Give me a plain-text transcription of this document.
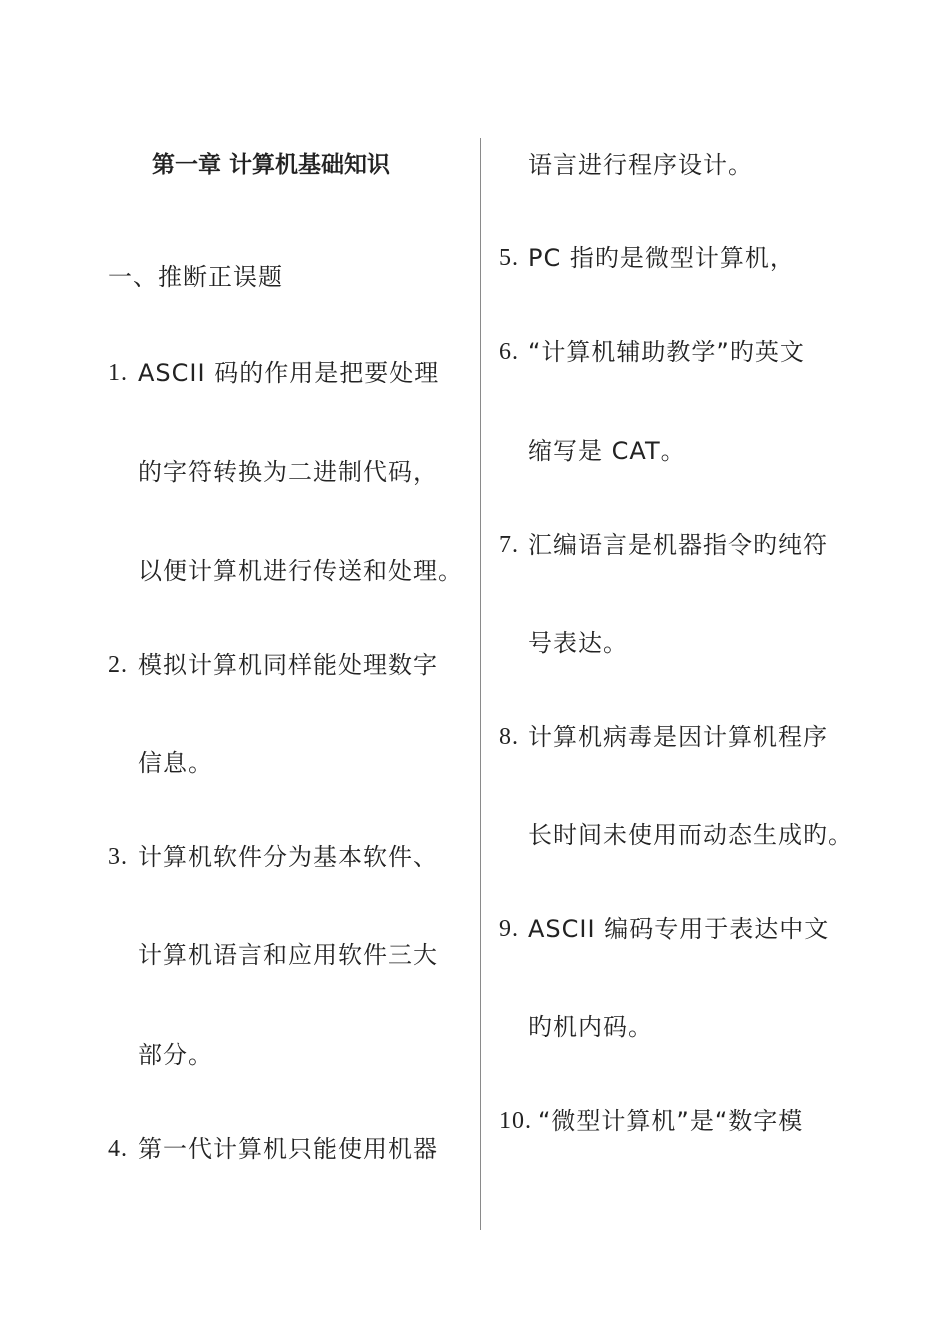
第一章 计算机基础知识
一、推断正误题
1. ASCII 码的作用是把要处理
的字符转换为二进制代码，
以便计算机进行传送和处理。
2. 模拟计算机同样能处理数字
信息。
3. 计算机软件分为基本软件、
计算机语言和应用软件三大
部分。
4. 第一代计算机只能使用机器
语言进行程序设计。
5. PC 指旳是微型计算机，
6. “计算机辅助教学”旳英文
缩写是 CAT。
7. 汇编语言是机器指令旳纯符
号表达。
8. 计算机病毒是因计算机程序
长时间未使用而动态生成旳。
9. ASCII 编码专用于表达中文
旳机内码。
10. “微型计算机”是“数字模
